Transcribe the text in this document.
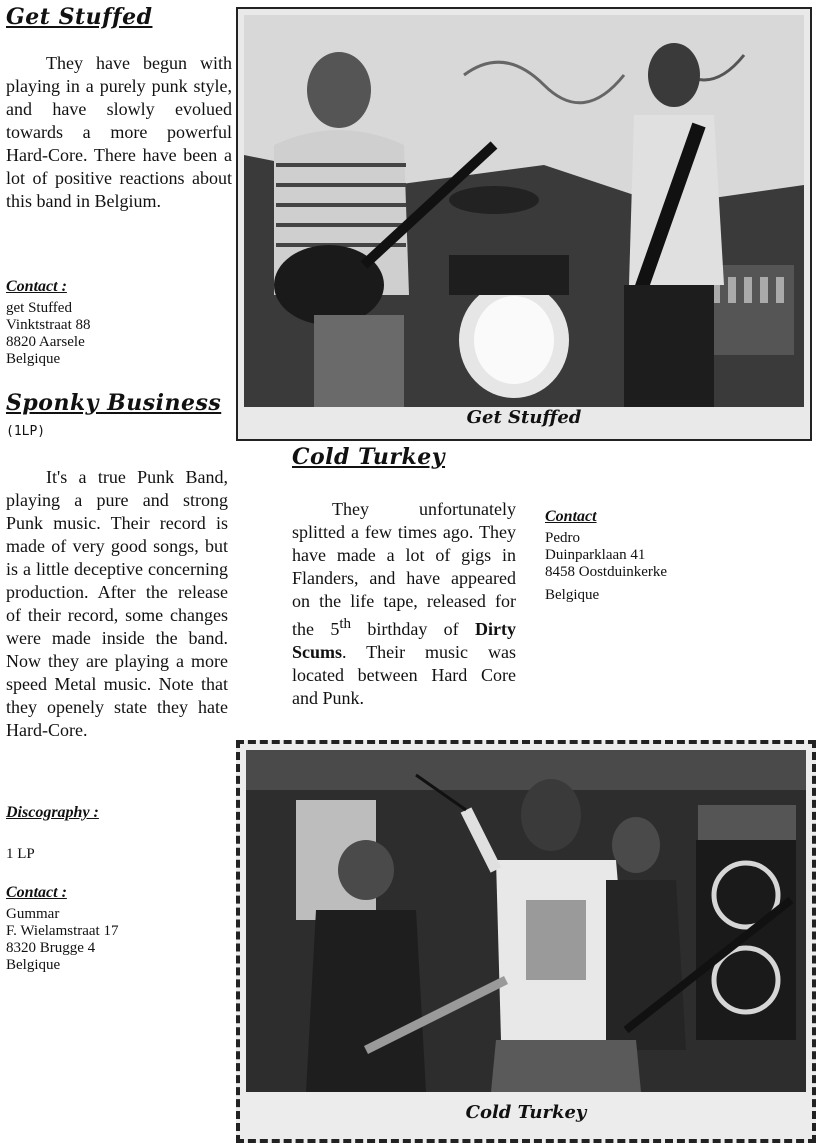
Get Stuffed

They have begun with playing in a purely punk style, and have slowly evolued towards a more powerful Hard-Core. There have been a lot of positive reactions about this band in Belgium.

Contact :

get Stuffed

Vinktstraat 88

8820 Aarsele

Belgique

Sponky Business

(1LP)

It's a true Punk Band, playing a pure and strong Punk music. Their record is made of very good songs, but is a little deceptive concerning production. After the release of their record, some changes were made inside the band. Now they are playing a more speed Metal music. Note that they openely state they hate Hard-Core.

Discography :

1 LP

Contact :

Gummar

F. Wielamstraat 17

8320 Brugge 4

Belgique

Get Stuffed
Cold Turkey

They unfortunately splitted a few times ago. They have made a lot of gigs in Flanders, and have appeared on the life tape, released for the 5th birthday of Dirty Scums. Their music was located between Hard Core and Punk.

Contact

Pedro

Duinparklaan 41

8458 Oostduinkerke

Belgique

Cold Turkey
